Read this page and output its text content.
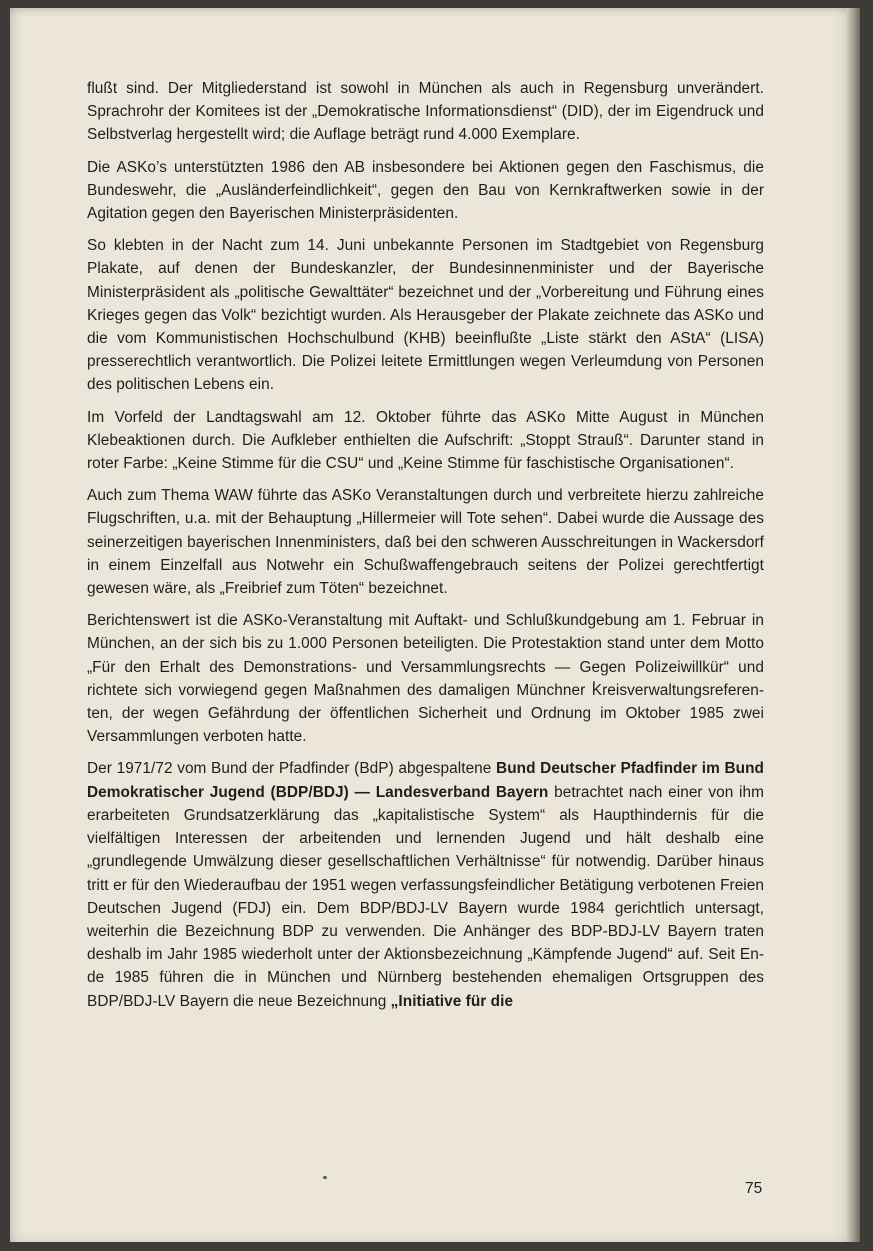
flußt sind. Der Mitgliederstand ist sowohl in München als auch in Regensburg unverändert. Sprachrohr der Komitees ist der „Demokratische Informationsdienst“ (DID), der im Eigendruck und Selbstverlag hergestellt wird; die Auflage beträgt rund 4.000 Exemplare.

Die ASKo’s unterstützten 1986 den AB insbesondere bei Aktionen gegen den Faschismus, die Bundeswehr, die „Ausländerfeindlichkeit“, gegen den Bau von Kernkraftwerken sowie in der Agitation gegen den Bayerischen Ministerpräsidenten.

So klebten in der Nacht zum 14. Juni unbekannte Personen im Stadtgebiet von Regensburg Plakate, auf denen der Bundeskanzler, der Bundesinnenminister und der Bayerische Ministerpräsident als „politische Gewalttäter“ bezeichnet und der „Vorbereitung und Führung eines Krieges gegen das Volk“ bezichtigt wurden. Als Herausgeber der Plakate zeichnete das ASKo und die vom Kommunistischen Hochschulbund (KHB) beeinflußte „Liste stärkt den AStA“ (LISA) presserechtlich verantwortlich. Die Polizei leitete Ermittlungen wegen Verleumdung von Personen des politischen Lebens ein.

Im Vorfeld der Landtagswahl am 12. Oktober führte das ASKo Mitte August in München Klebeaktionen durch. Die Aufkleber enthielten die Aufschrift: „Stoppt Strauß“. Darunter stand in roter Farbe: „Keine Stimme für die CSU“ und „Keine Stimme für faschistische Organisationen“.

Auch zum Thema WAW führte das ASKo Veranstaltungen durch und verbreitete hierzu zahlreiche Flugschriften, u.a. mit der Behauptung „Hillermeier will Tote sehen“. Dabei wurde die Aussage des seinerzeitigen bayerischen Innenministers, daß bei den schweren Ausschreitungen in Wackersdorf in einem Einzelfall aus Notwehr ein Schußwaffengebrauch seitens der Polizei gerechtfertigt gewesen wäre, als „Freibrief zum Töten“ bezeichnet.

Berichtenswert ist die ASKo-Veranstaltung mit Auftakt- und Schlußkundgebung am 1. Februar in München, an der sich bis zu 1.000 Personen beteiligten. Die Protestaktion stand unter dem Motto „Für den Erhalt des Demonstrations- und Versammlungsrechts — Gegen Polizeiwillkür“ und richtete sich vorwiegend gegen Maßnahmen des damaligen Münchner Kreisverwaltungsreferenten, der wegen Gefährdung der öffentlichen Sicherheit und Ordnung im Oktober 1985 zwei Versammlungen verboten hatte.

Der 1971/72 vom Bund der Pfadfinder (BdP) abgespaltene Bund Deutscher Pfadfinder im Bund Demokratischer Jugend (BDP/BDJ) — Landesverband Bayern betrachtet nach einer von ihm erarbeiteten Grundsatzerklärung das „kapitalistische System“ als Haupthindernis für die vielfältigen Interessen der arbeitenden und lernenden Jugend und hält deshalb eine „grundlegende Umwälzung dieser gesellschaftlichen Verhältnisse“ für notwendig. Darüber hinaus tritt er für den Wiederaufbau der 1951 wegen verfassungsfeindlicher Betätigung verbotenen Freien Deutschen Jugend (FDJ) ein. Dem BDP/BDJ-LV Bayern wurde 1984 gerichtlich untersagt, weiterhin die Bezeichnung BDP zu verwenden. Die Anhänger des BDP-BDJ-LV Bayern traten deshalb im Jahr 1985 wiederholt unter der Aktionsbezeichnung „Kämpfende Jugend“ auf. Seit Ende 1985 führen die in München und Nürnberg bestehenden ehemaligen Ortsgruppen des BDP/BDJ-LV Bayern die neue Bezeichnung „Initiative für die

75
